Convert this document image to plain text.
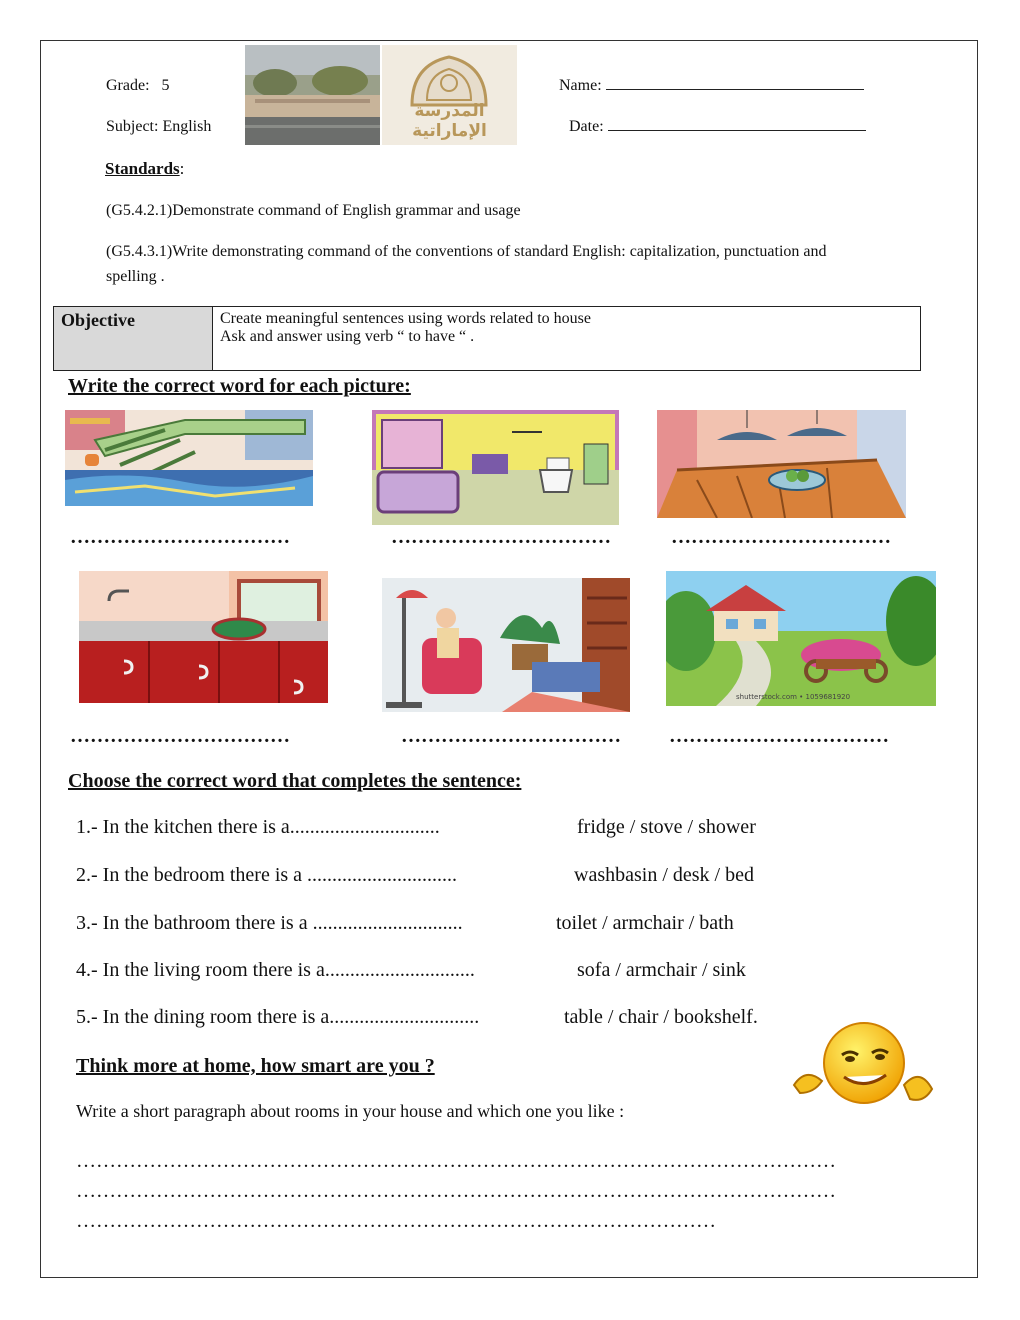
Grade: 5
Subject: English
المدرسة الإماراتية
Name:
Date:
Standards:
(G5.4.2.1)Demonstrate command of English grammar and usage
(G5.4.3.1)Write demonstrating command of the conventions of standard English: capitalization, punctuation and
spelling .
Objective	Create meaningful sentences using words related to house
Ask and answer using verb “ to have “ .
Write the correct word for each picture:
……………………………	……………………………	……………………………
shutterstock.com • 1059681920
……………………………	…………………………… ……………………………
Choose the correct word that completes the sentence:
1.- In the kitchen there is a..............................	fridge / stove / shower
2.- In the bedroom there is a ..............................	washbasin / desk / bed
3.- In the bathroom there is a ..............................	toilet / armchair / bath
4.- In the living room there is a..............................	sofa / armchair / sink
5.- In the dining room there is a..............................	table / chair / bookshelf.
Think more at home, how smart are you ?
Write a short paragraph about rooms in your house and which one you like :
……………………………………………………………………………………………………
……………………………………………………………………………………………………
……………………………………………………………………………………
